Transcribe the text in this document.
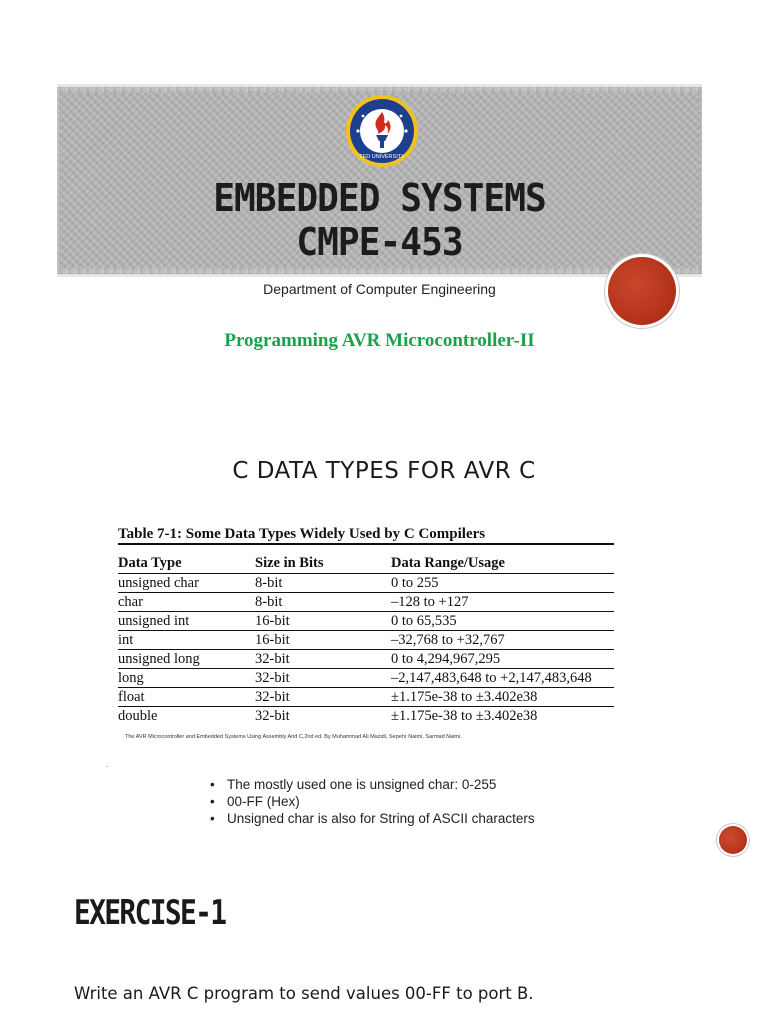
TED UNIVERSITY
EMBEDDED SYSTEMS
CMPE-453
Department of Computer Engineering
Programming AVR Microcontroller-II
C DATA TYPES FOR AVR C
Table 7-1: Some Data Types Widely Used by C Compilers
Data Type	Size in Bits	Data Range/Usage
unsigned char	8-bit	0 to 255
char	8-bit	–128 to +127
unsigned int	16-bit	0 to 65,535
int	16-bit	–32,768 to +32,767
unsigned long	32-bit	0 to 4,294,967,295
long	32-bit	–2,147,483,648 to +2,147,483,648
float	32-bit	±1.175e-38 to ±3.402e38
double	32-bit	±1.175e-38 to ±3.402e38
The AVR Microcontroller and Embedded Systems Using Assembly And C,2nd ed. By Muhammad Ali Mazidi, Sepehr Naimi, Sarmad Naimi.
.
• The mostly used one is unsigned char: 0-255
• 00-FF (Hex)
• Unsigned char is also for String of ASCII characters
EXERCISE-1
Write an AVR C program to send values 00-FF to port B.
